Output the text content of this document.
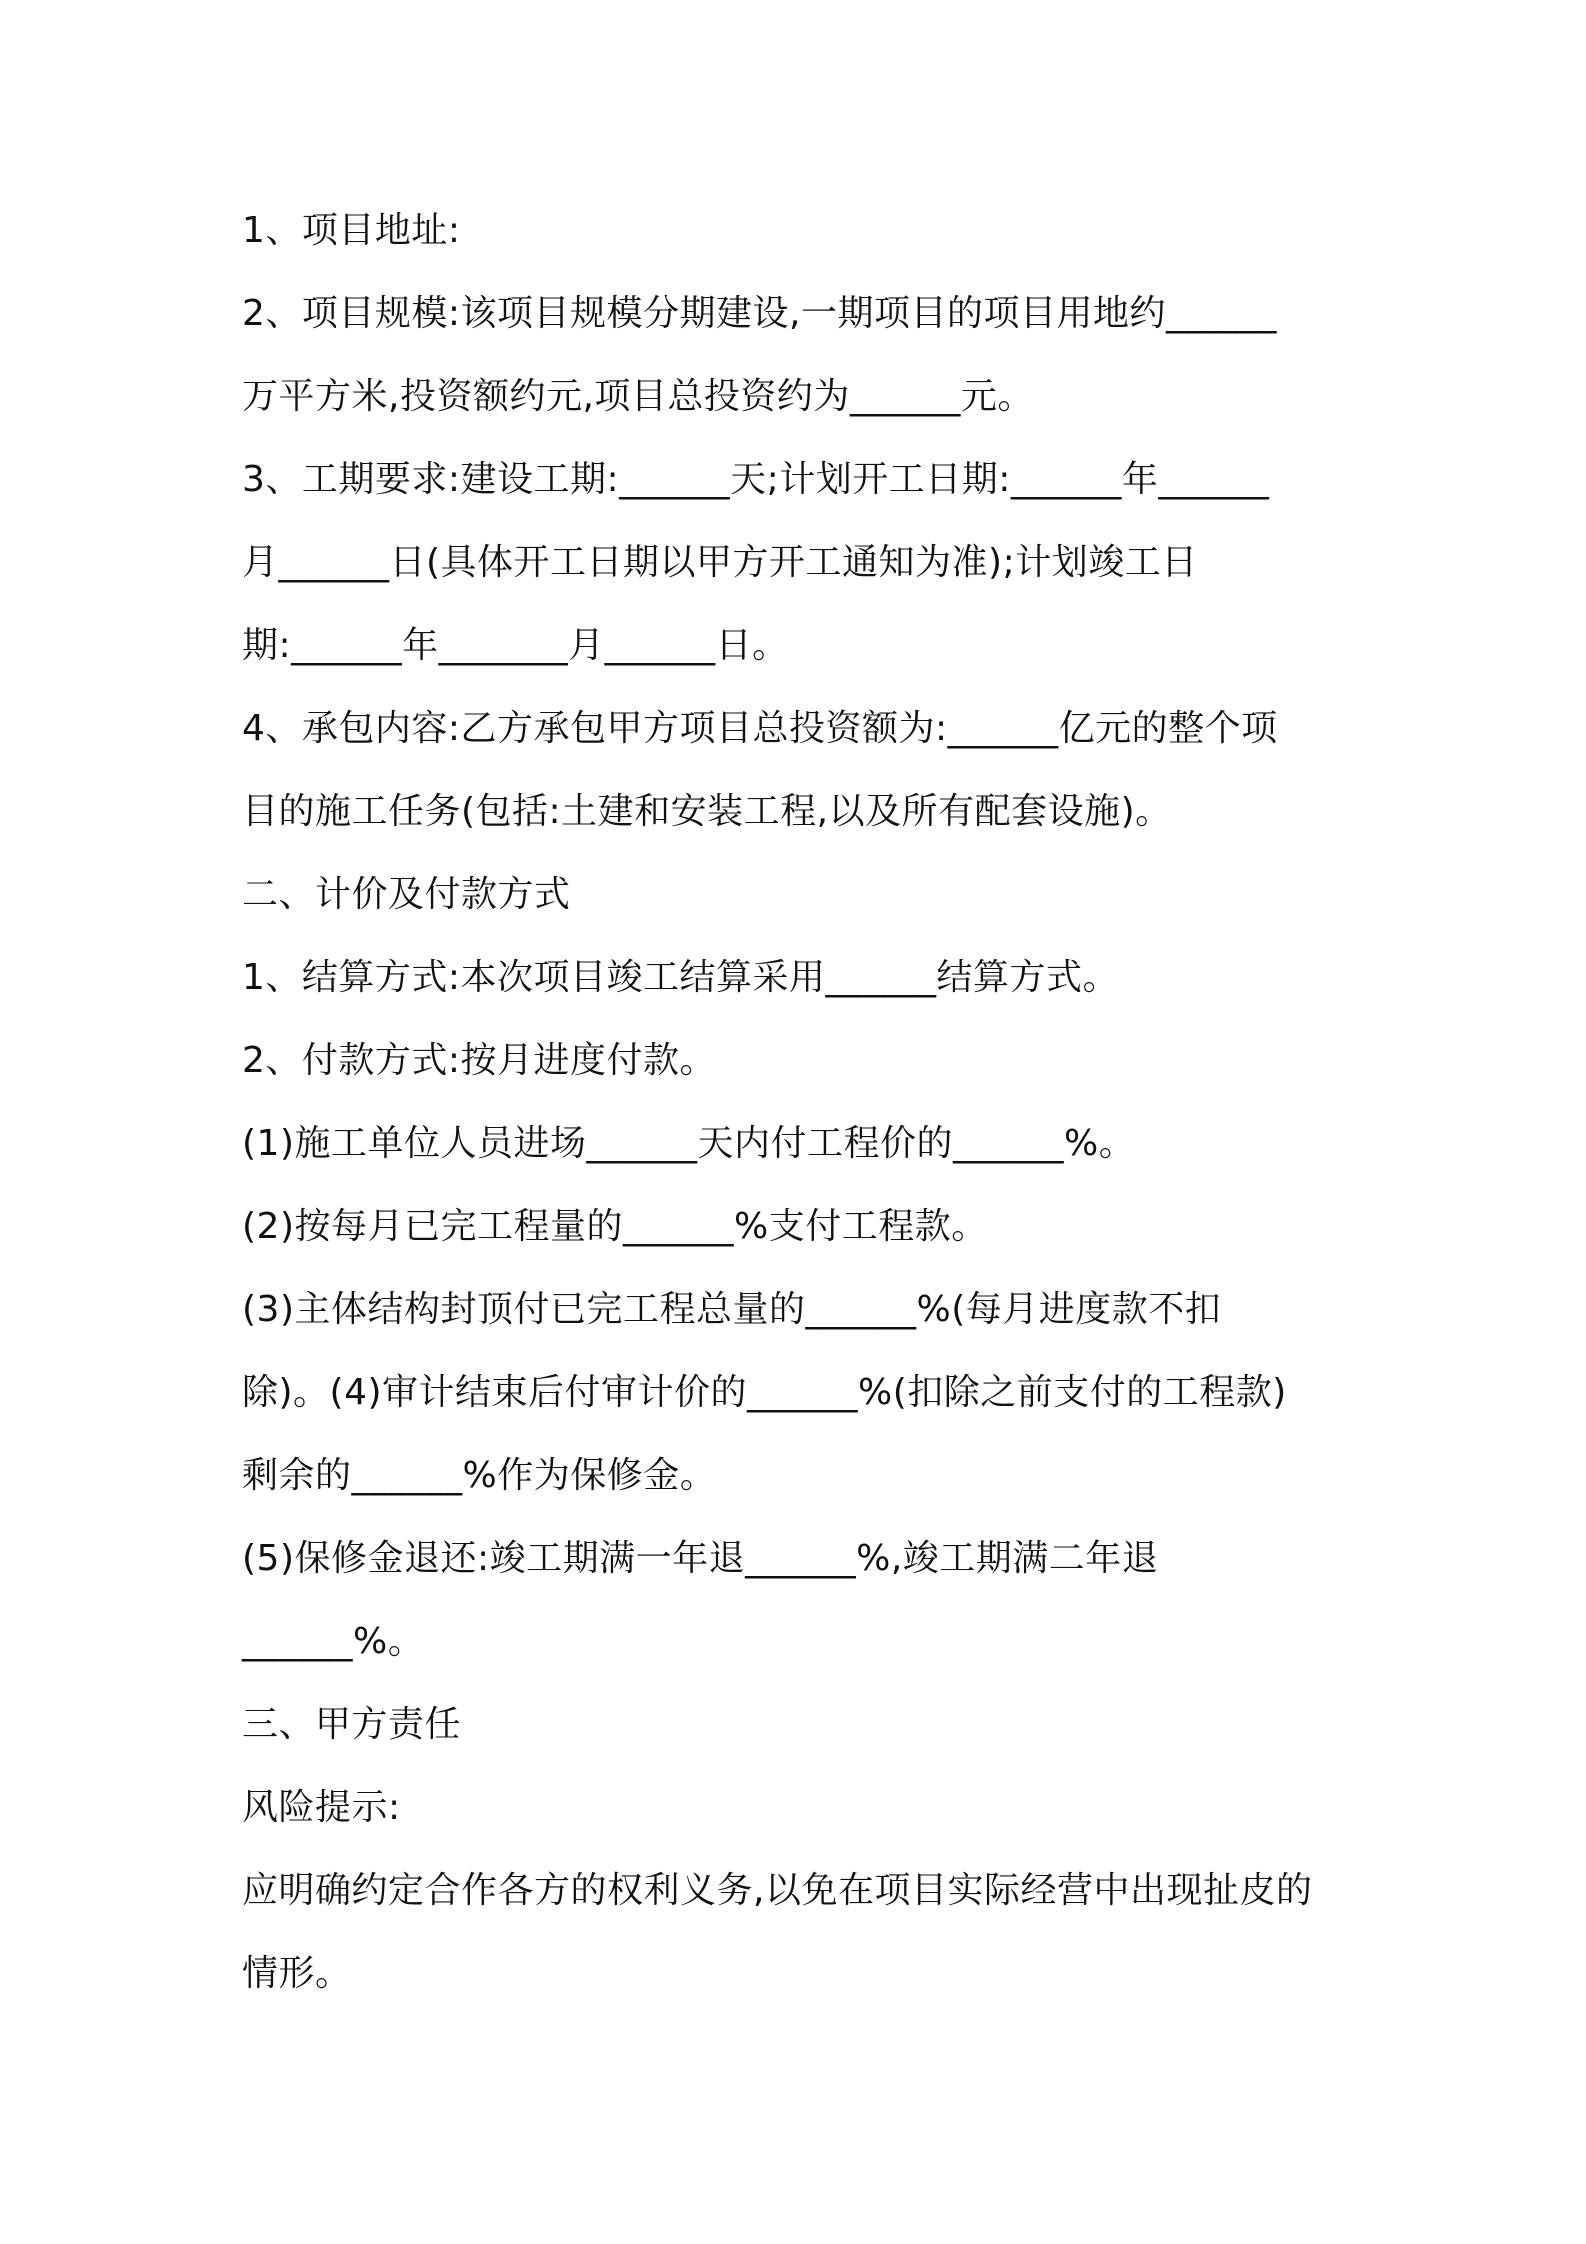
1、项目地址:
2、项目规模:该项目规模分期建设,一期项目的项目用地约______
万平方米,投资额约元,项目总投资约为______元。
3、工期要求:建设工期:______天;计划开工日期:______年______
月______日(具体开工日期以甲方开工通知为准);计划竣工日
期:______年_______月______日。
4、承包内容:乙方承包甲方项目总投资额为:______亿元的整个项
目的施工任务(包括:土建和安装工程,以及所有配套设施)。
二、计价及付款方式
1、结算方式:本次项目竣工结算采用______结算方式。
2、付款方式:按月进度付款。
(1)施工单位人员进场______天内付工程价的______%。
(2)按每月已完工程量的______%支付工程款。
(3)主体结构封顶付已完工程总量的______%(每月进度款不扣
除)。(4)审计结束后付审计价的______%(扣除之前支付的工程款)
剩余的______%作为保修金。
(5)保修金退还:竣工期满一年退______%,竣工期满二年退
______%。
三、甲方责任
风险提示:
应明确约定合作各方的权利义务,以免在项目实际经营中出现扯皮的
情形。
